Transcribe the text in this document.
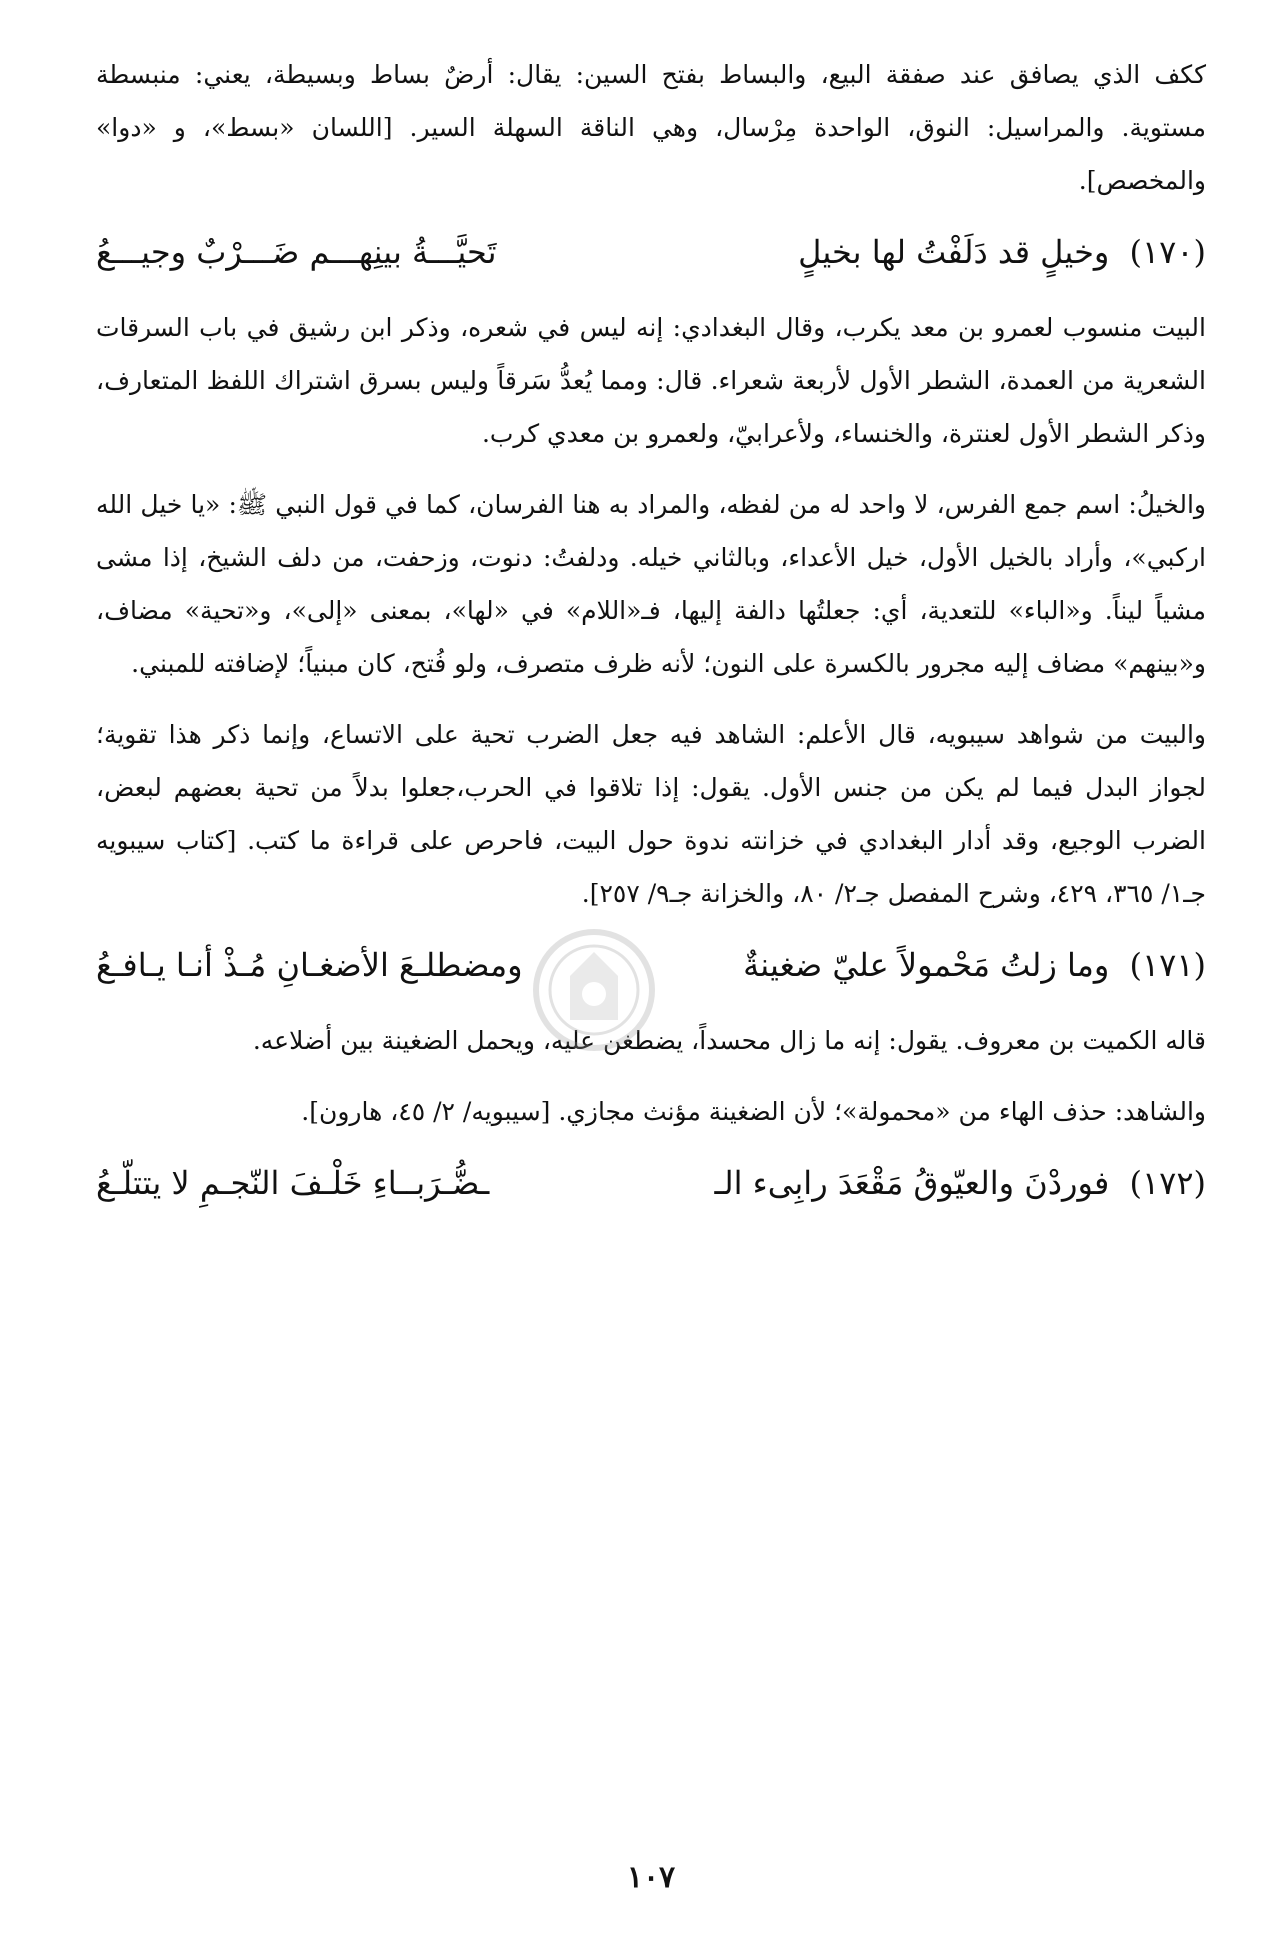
ككف الذي يصافق عند صفقة البيع، والبساط بفتح السين: يقال: أرضٌ بساط وبسيطة، يعني: منبسطة مستوية. والمراسيل: النوق، الواحدة مِرْسال، وهي الناقة السهلة السير. [اللسان «بسط»، و «دوا» والمخصص].

(١٧٠) وخيلٍ قد دَلَفْتُ لها بخيلٍ
تَحيَّـــةُ بينِهـــم ضَـــرْبٌ وجيـــعُ

البيت منسوب لعمرو بن معد يكرب، وقال البغدادي: إنه ليس في شعره، وذكر ابن رشيق في باب السرقات الشعرية من العمدة، الشطر الأول لأربعة شعراء. قال: ومما يُعدُّ سَرقاً وليس بسرق اشتراك اللفظ المتعارف، وذكر الشطر الأول لعنترة، والخنساء، ولأعرابيّ، ولعمرو بن معدي كرب.

والخيلُ: اسم جمع الفرس، لا واحد له من لفظه، والمراد به هنا الفرسان، كما في قول النبي ﷺ: «يا خيل الله اركبي»، وأراد بالخيل الأول، خيل الأعداء، وبالثاني خيله. ودلفتُ: دنوت، وزحفت، من دلف الشيخ، إذا مشى مشياً ليناً. و«الباء» للتعدية، أي: جعلتُها دالفة إليها، فـ«اللام» في «لها»، بمعنى «إلى»، و«تحية» مضاف، و«بينهم» مضاف إليه مجرور بالكسرة على النون؛ لأنه ظرف متصرف، ولو فُتح، كان مبنياً؛ لإضافته للمبني.

والبيت من شواهد سيبويه، قال الأعلم: الشاهد فيه جعل الضرب تحية على الاتساع، وإنما ذكر هذا تقوية؛ لجواز البدل فيما لم يكن من جنس الأول. يقول: إذا تلاقوا في الحرب،جعلوا بدلاً من تحية بعضهم لبعض، الضرب الوجيع، وقد أدار البغدادي في خزانته ندوة حول البيت، فاحرص على قراءة ما كتب. [كتاب سيبويه جـ١/ ٣٦٥، ٤٢٩، وشرح المفصل جـ٢/ ٨٠، والخزانة جـ٩/ ٢٥٧].

(١٧١) وما زلتُ مَحْمولاً عليّ ضغينةٌ
ومضطلـعَ الأضغـانِ مُـذْ أنـا يـافـعُ

قاله الكميت بن معروف. يقول: إنه ما زال محسداً، يضطغن عليه، ويحمل الضغينة بين أضلاعه.

والشاهد: حذف الهاء من «محمولة»؛ لأن الضغينة مؤنث مجازي. [سيبويه/ ٢/ ٤٥، هارون].

(١٧٢) فوردْنَ والعيّوقُ مَقْعَدَ رابِىء الـ
ـضُّـرَبــاءِ خَلْـفَ النّجـمِ لا يتتلّـعُ
١٠٧
